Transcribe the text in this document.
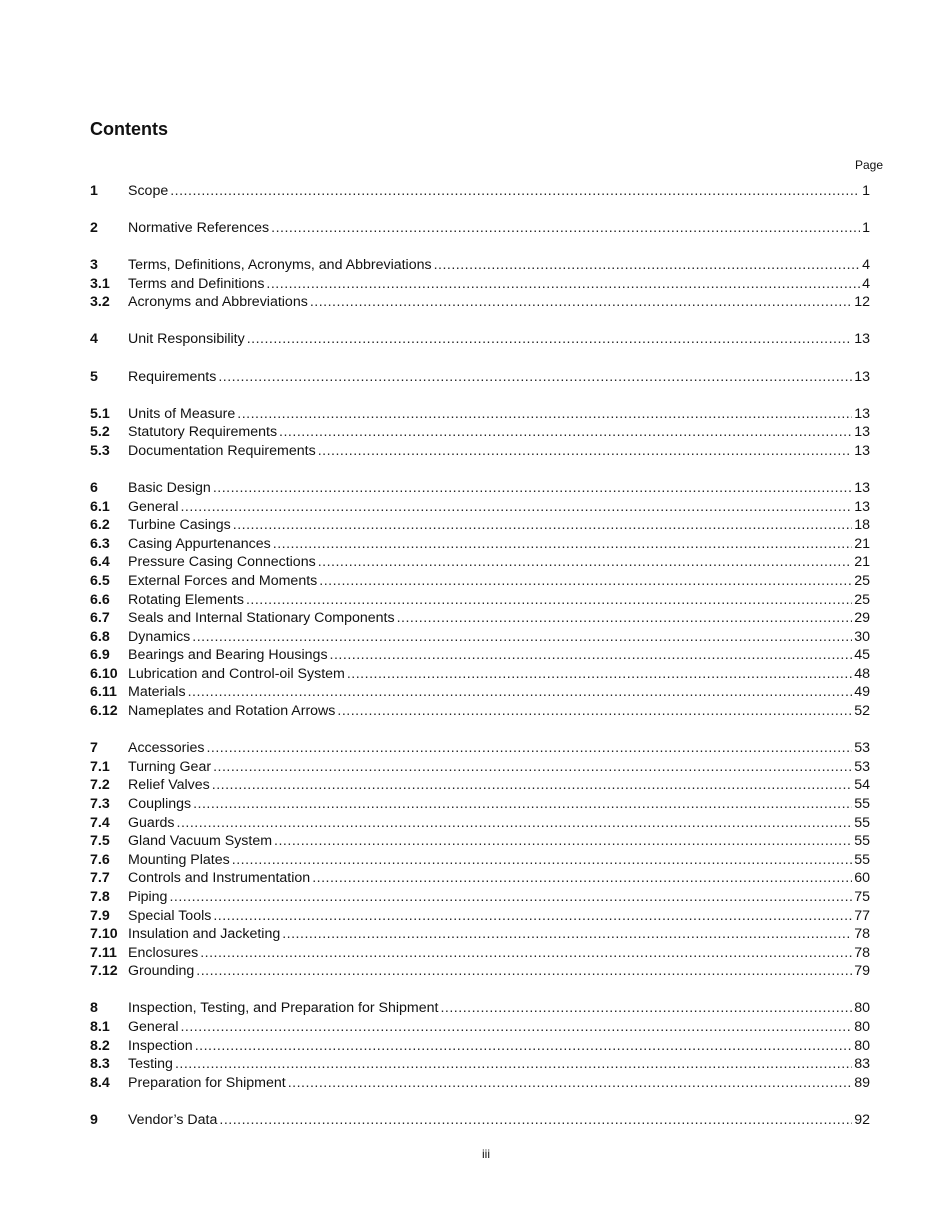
Contents
Page
1	Scope .....	1
2	Normative References .....	1
3	Terms, Definitions, Acronyms, and Abbreviations .....	4
3.1	Terms and Definitions .....	4
3.2	Acronyms and Abbreviations .....	12
4	Unit Responsibility .....	13
5	Requirements .....	13
5.1	Units of Measure .....	13
5.2	Statutory Requirements .....	13
5.3	Documentation Requirements .....	13
6	Basic Design .....	13
6.1	General .....	13
6.2	Turbine Casings .....	18
6.3	Casing Appurtenances .....	21
6.4	Pressure Casing Connections .....	21
6.5	External Forces and Moments .....	25
6.6	Rotating Elements .....	25
6.7	Seals and Internal Stationary Components .....	29
6.8	Dynamics .....	30
6.9	Bearings and Bearing Housings .....	45
6.10 Lubrication and Control-oil System .....	48
6.11 Materials .....	49
6.12 Nameplates and Rotation Arrows .....	52
7	Accessories .....	53
7.1	Turning Gear .....	53
7.2	Relief Valves .....	54
7.3	Couplings .....	55
7.4	Guards .....	55
7.5	Gland Vacuum System .....	55
7.6	Mounting Plates .....	55
7.7	Controls and Instrumentation .....	60
7.8	Piping .....	75
7.9	Special Tools .....	77
7.10 Insulation and Jacketing .....	78
7.11 Enclosures .....	78
7.12 Grounding .....	79
8	Inspection, Testing, and Preparation for Shipment .....	80
8.1	General .....	80
8.2	Inspection .....	80
8.3	Testing .....	83
8.4	Preparation for Shipment .....	89
9	Vendor’s Data .....	92
iii
